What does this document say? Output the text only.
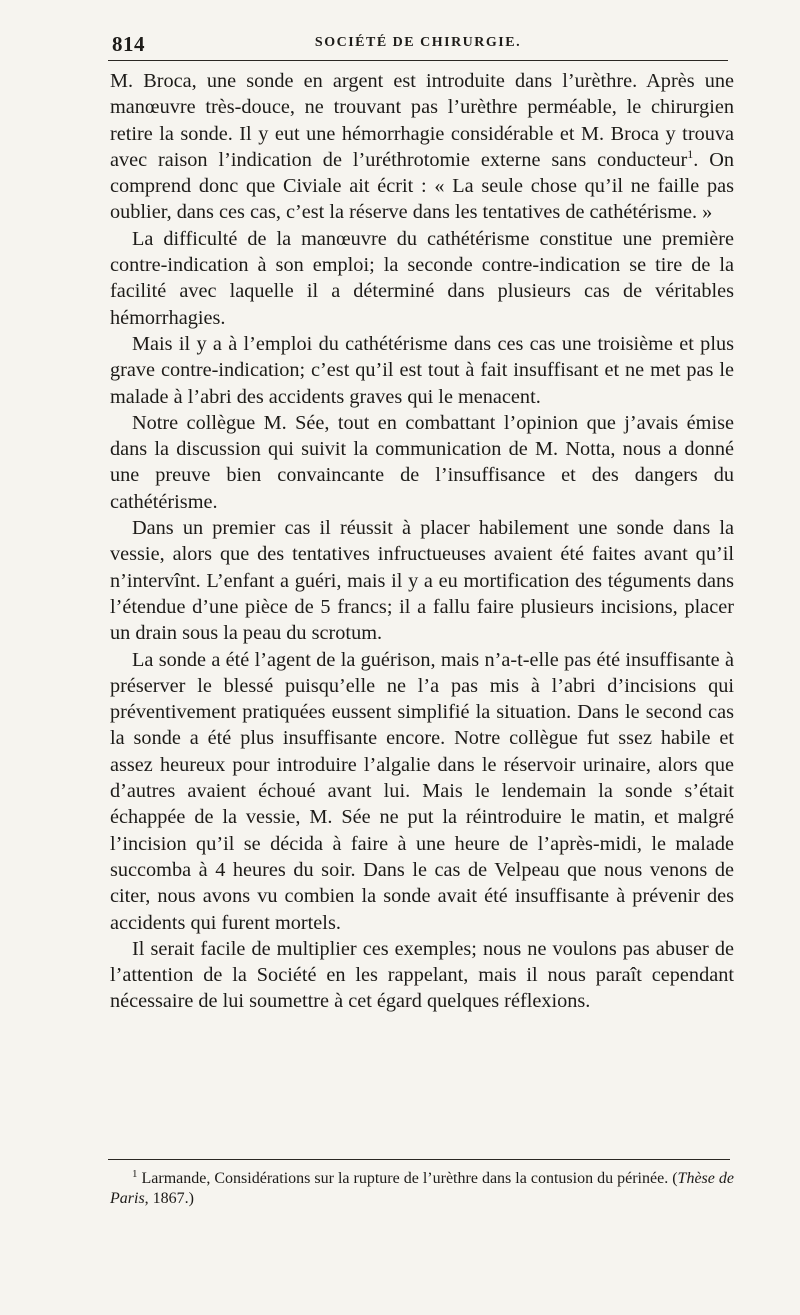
814	SOCIÉTÉ DE CHIRURGIE.

M. Broca, une sonde en argent est introduite dans l’urèthre. Après une manœuvre très-douce, ne trouvant pas l’urèthre perméable, le chirurgien retire la sonde. Il y eut une hémorrhagie considérable et M. Broca y trouva avec raison l’indication de l’uréthrotomie externe sans conducteur$^1$. On comprend donc que Civiale ait écrit : « La seule chose qu’il ne faille pas oublier, dans ces cas, c’est la réserve dans les tentatives de cathétérisme. »

La difficulté de la manœuvre du cathétérisme constitue une première contre-indication à son emploi; la seconde contre-indication se tire de la facilité avec laquelle il a déterminé dans plusieurs cas de véritables hémorrhagies.

Mais il y a à l’emploi du cathétérisme dans ces cas une troisième et plus grave contre-indication; c’est qu’il est tout à fait insuffisant et ne met pas le malade à l’abri des accidents graves qui le menacent.

Notre collègue M. Sée, tout en combattant l’opinion que j’avais émise dans la discussion qui suivit la communication de M. Notta, nous a donné une preuve bien convaincante de l’insuffisance et des dangers du cathétérisme.

Dans un premier cas il réussit à placer habilement une sonde dans la vessie, alors que des tentatives infructueuses avaient été faites avant qu’il n’intervînt. L’enfant a guéri, mais il y a eu mortification des téguments dans l’étendue d’une pièce de 5 francs; il a fallu faire plusieurs incisions, placer un drain sous la peau du scrotum.

La sonde a été l’agent de la guérison, mais n’a-t-elle pas été insuffisante à préserver le blessé puisqu’elle ne l’a pas mis à l’abri d’incisions qui préventivement pratiquées eussent simplifié la situation. Dans le second cas la sonde a été plus insuffisante encore. Notre collègue fut ssez habile et assez heureux pour introduire l’algalie dans le réservoir urinaire, alors que d’autres avaient échoué avant lui. Mais le lendemain la sonde s’était échappée de la vessie, M. Sée ne put la réintroduire le matin, et malgré l’incision qu’il se décida à faire à une heure de l’après-midi, le malade succomba à 4 heures du soir. Dans le cas de Velpeau que nous venons de citer, nous avons vu combien la sonde avait été insuffisante à prévenir des accidents qui furent mortels.

Il serait facile de multiplier ces exemples; nous ne voulons pas abuser de l’attention de la Société en les rappelant, mais il nous paraît cependant nécessaire de lui soumettre à cet égard quelques réflexions.

$^1$ Larmande, Considérations sur la rupture de l’urèthre dans la contusion du périnée. (Thèse de Paris, 1867.)
